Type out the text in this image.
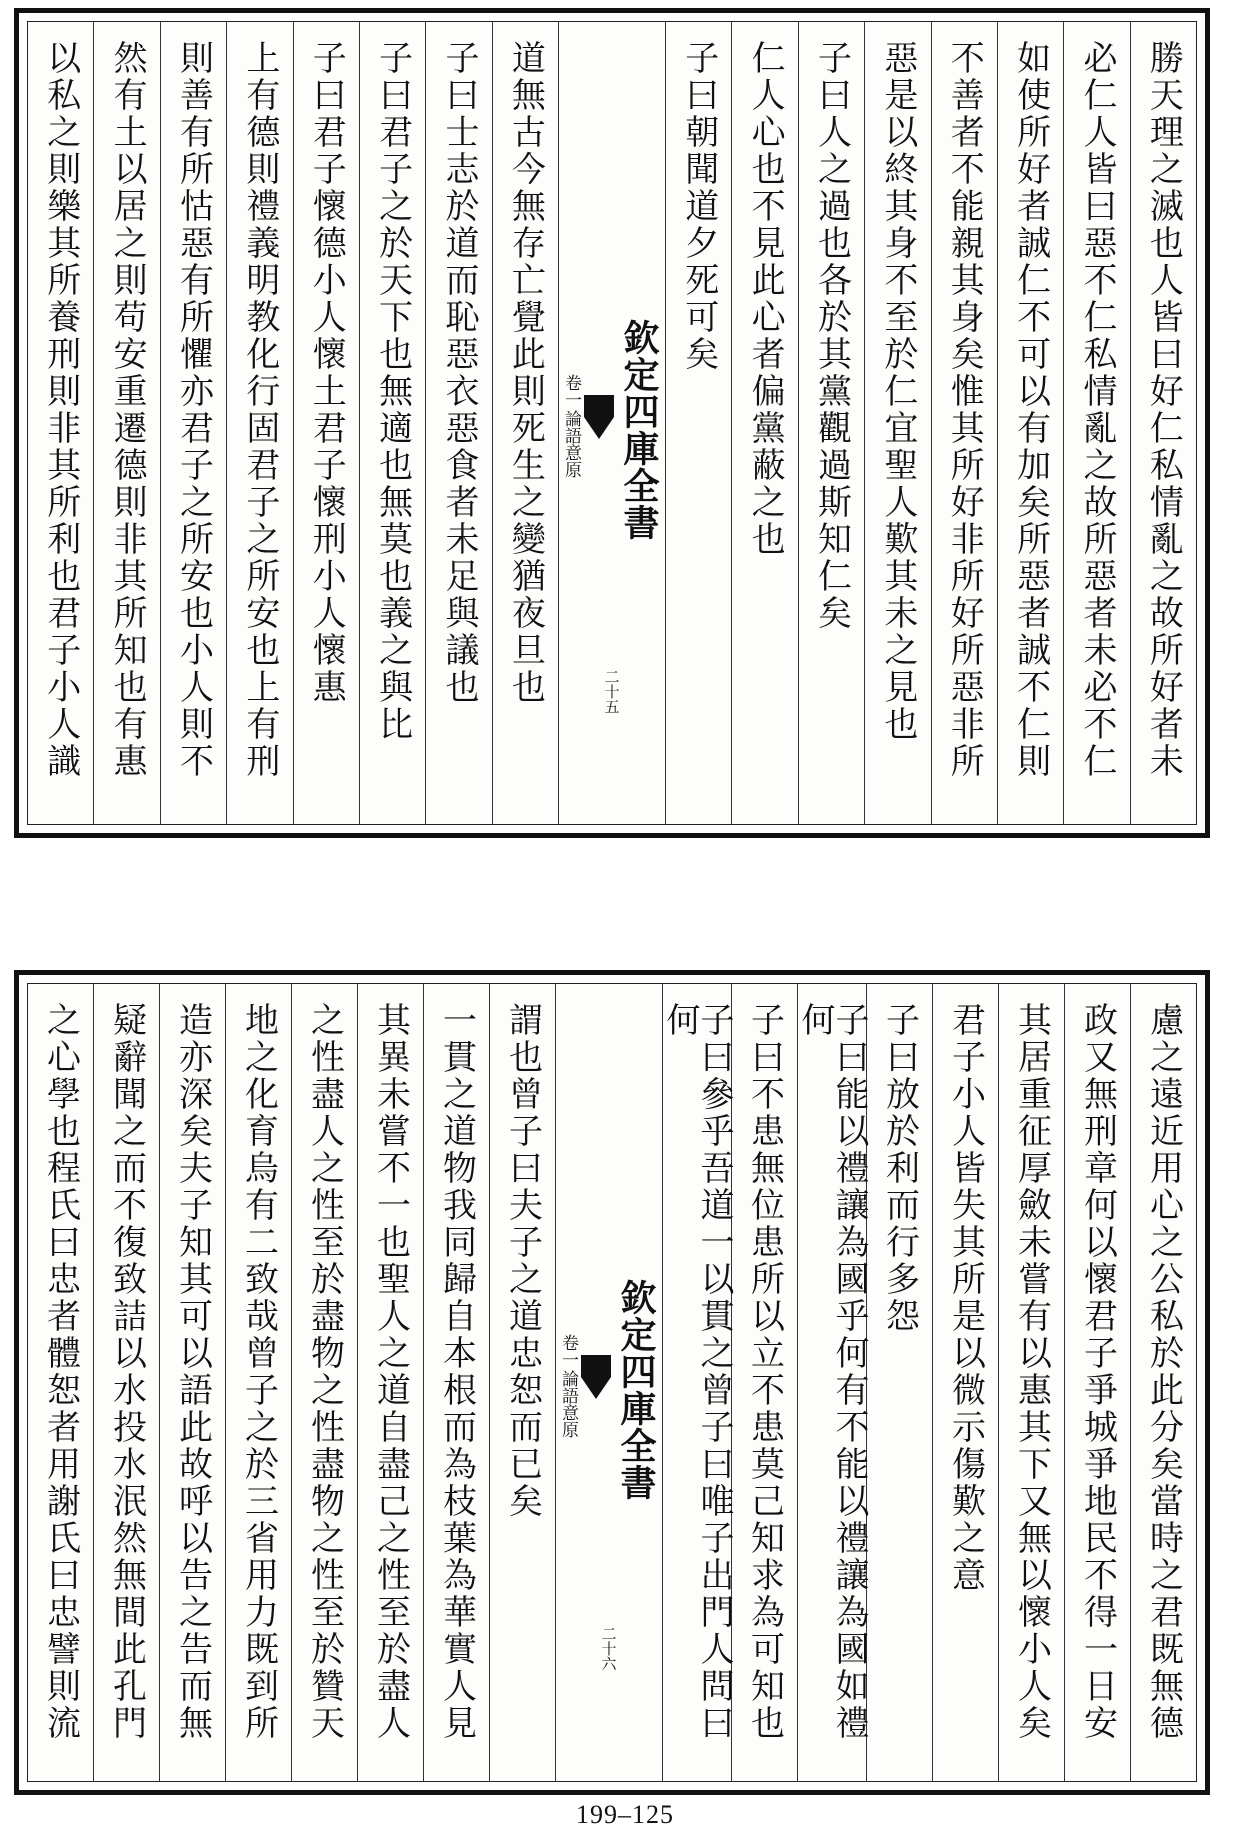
勝天理之滅也人皆曰好仁私情亂之故所好者未
必仁人皆曰惡不仁私情亂之故所惡者未必不仁
如使所好者誠仁不可以有加矣所惡者誠不仁則
不善者不能親其身矣惟其所好非所好所惡非所
惡是以終其身不至於仁宜聖人歎其未之見也
子曰人之過也各於其黨觀過斯知仁矣
仁人心也不見此心者偏黨蔽之也
子曰朝聞道夕死可矣
欽定四庫全書
論語意原
卷一
二十五
道無古今無存亡覺此則死生之變猶夜旦也
子曰士志於道而恥惡衣惡食者未足與議也
子曰君子之於天下也無適也無莫也義之與比
子曰君子懷德小人懷土君子懷刑小人懷惠
上有德則禮義明教化行固君子之所安也上有刑
則善有所怙惡有所懼亦君子之所安也小人則不
然有土以居之則苟安重遷德則非其所知也有惠
以私之則樂其所養刑則非其所利也君子小人識
慮之遠近用心之公私於此分矣當時之君既無德
政又無刑章何以懷君子爭城爭地民不得一日安
其居重征厚斂未嘗有以惠其下又無以懷小人矣
君子小人皆失其所是以微示傷歎之意
子曰放於利而行多怨
子曰能以禮讓為國乎何有不能以禮讓為國如禮何
子曰不患無位患所以立不患莫己知求為可知也
子曰參乎吾道一以貫之曾子曰唯子出門人問曰何
欽定四庫全書
論語意原
卷一
二十六
謂也曾子曰夫子之道忠恕而已矣
一貫之道物我同歸自本根而為枝葉為華實人見
其異未嘗不一也聖人之道自盡己之性至於盡人
之性盡人之性至於盡物之性盡物之性至於贊天
地之化育烏有二致哉曾子之於三省用力既到所
造亦深矣夫子知其可以語此故呼以告之告而無
疑辭聞之而不復致詰以水投水泯然無間此孔門
之心學也程氏曰忠者體恕者用謝氏曰忠譬則流
199–125
